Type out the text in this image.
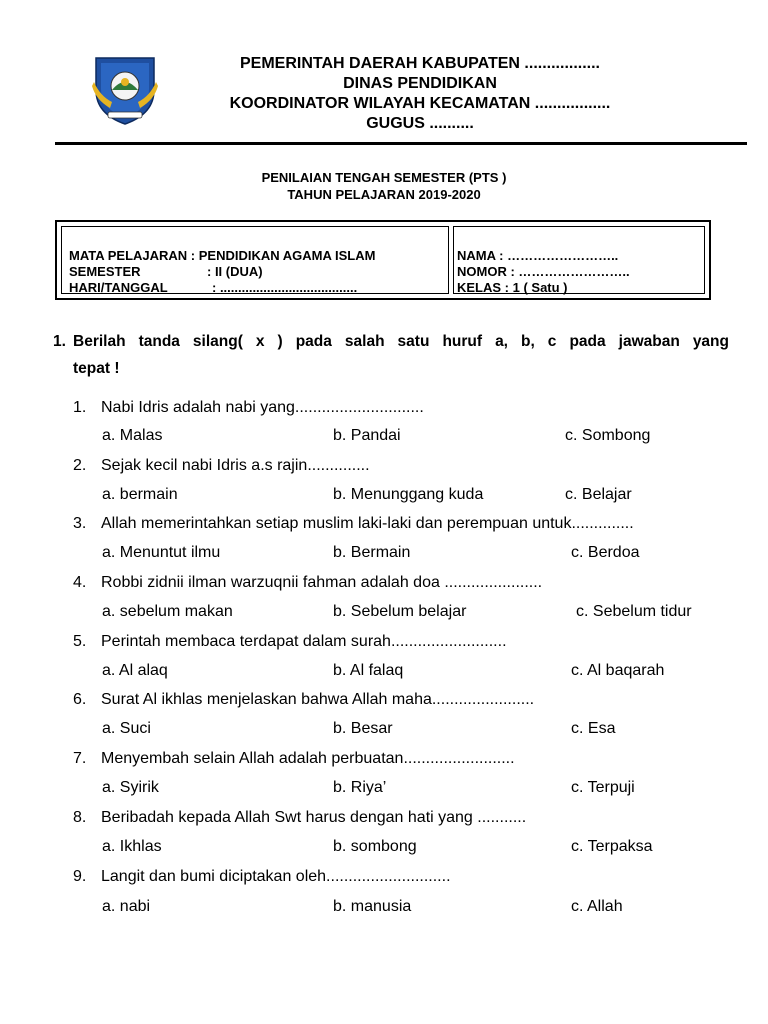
PEMERINTAH DAERAH KABUPATEN .................
DINAS PENDIDIKAN
KOORDINATOR WILAYAH KECAMATAN .................
GUGUS ..........
PENILAIAN TENGAH SEMESTER (PTS )
TAHUN PELAJARAN 2019-2020
MATA PELAJARAN : PENDIDIKAN AGAMA ISLAM
SEMESTER	: II (DUA)
HARI/TANGGAL	: ......................................
NAMA : ……………………..
NOMOR : ……………………..
KELAS : 1 ( Satu )
1. Berilah tanda silang( x ) pada salah satu huruf a, b, c pada jawaban yang
tepat !
1. Nabi Idris adalah nabi yang.............................
a. Malas	b. Pandai	c. Sombong
2. Sejak kecil nabi Idris a.s rajin..............
a. bermain	b. Menunggang kuda	c. Belajar
3. Allah memerintahkan setiap muslim laki-laki dan perempuan untuk..............
a. Menuntut ilmu	b. Bermain	c. Berdoa
4. Robbi zidnii ilman warzuqnii fahman adalah doa ......................
a. sebelum makan	b. Sebelum belajar	c. Sebelum tidur
5. Perintah membaca terdapat dalam surah..........................
a. Al alaq	b. Al falaq	c. Al baqarah
6. Surat Al ikhlas menjelaskan bahwa Allah maha.......................
a. Suci	b. Besar	c. Esa
7. Menyembah selain Allah adalah perbuatan.........................
a. Syirik	b. Riya’	c. Terpuji
8. Beribadah kepada Allah Swt harus dengan hati yang ...........
a. Ikhlas	b. sombong	c. Terpaksa
9. Langit dan bumi diciptakan oleh............................
a. nabi	b. manusia	c. Allah
